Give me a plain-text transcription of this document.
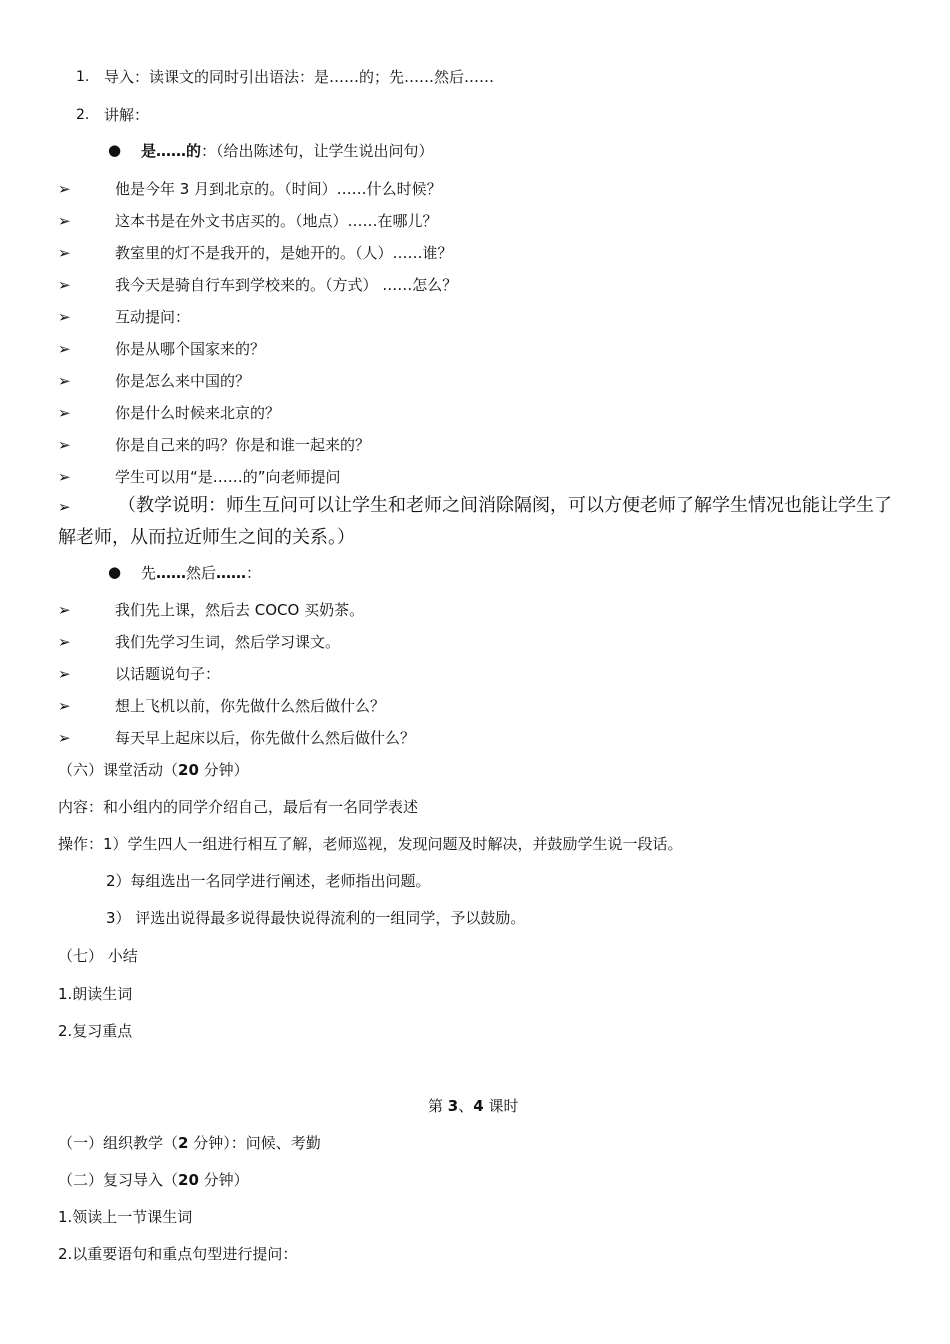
1. 导入：读课文的同时引出语法：是……的；先……然后……
2. 讲解：
● 是……的：（给出陈述句，让学生说出问句）
➢	他是今年 3 月到北京的。（时间）……什么时候？
➢	这本书是在外文书店买的。（地点）……在哪儿？
➢	教室里的灯不是我开的，是她开的。（人）……谁？
➢	我今天是骑自行车到学校来的。（方式） ……怎么？
➢	互动提问：
➢	你是从哪个国家来的？
➢	你是怎么来中国的？
➢	你是什么时候来北京的？
➢	你是自己来的吗？你是和谁一起来的？
➢	学生可以用“是……的”向老师提问
➢	（教学说明：师生互问可以让学生和老师之间消除隔阂，可以方便老师了解学生情况也能让学生了解老师，从而拉近师生之间的关系。）
● 先……然后……：
➢	我们先上课，然后去 COCO 买奶茶。
➢	我们先学习生词，然后学习课文。
➢	以话题说句子：
➢	想上飞机以前，你先做什么然后做什么？
➢	每天早上起床以后，你先做什么然后做什么？
（六）课堂活动（20 分钟）
内容：和小组内的同学介绍自己，最后有一名同学表述
操作：1）学生四人一组进行相互了解，老师巡视，发现问题及时解决，并鼓励学生说一段话。
2）每组选出一名同学进行阐述，老师指出问题。
3） 评选出说得最多说得最快说得流利的一组同学，予以鼓励。
（七） 小结
1.朗读生词
2.复习重点
第 3、4 课时
（一）组织教学（2 分钟）：问候、考勤
（二）复习导入（20 分钟）
1.领读上一节课生词
2.以重要语句和重点句型进行提问：
